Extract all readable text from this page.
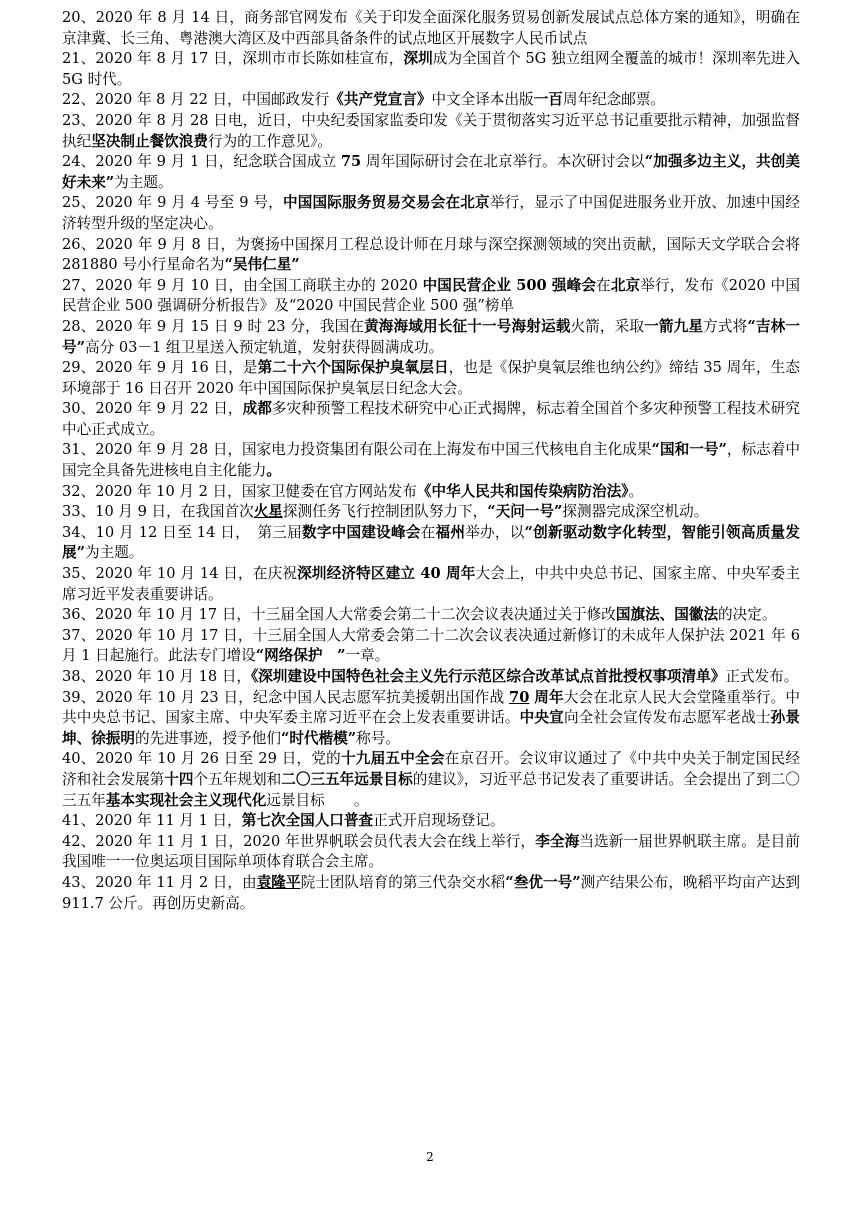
20、2020 年 8 月 14 日，商务部官网发布《关于印发全面深化服务贸易创新发展试点总体方案的通知》，明确在京津冀、长三角、粤港澳大湾区及中西部具备条件的试点地区开展数字人民币试点

21、2020 年 8 月 17 日，深圳市市长陈如桂宣布，深圳成为全国首个 5G 独立组网全覆盖的城市！深圳率先进入 5G 时代。

22、2020 年 8 月 22 日，中国邮政发行《共产党宣言》中文全译本出版一百周年纪念邮票。

23、2020 年 8 月 28 日电，近日，中央纪委国家监委印发《关于贯彻落实习近平总书记重要批示精神，加强监督执纪坚决制止餐饮浪费行为的工作意见》。

24、2020 年 9 月 1 日，纪念联合国成立 75 周年国际研讨会在北京举行。本次研讨会以“加强多边主义，共创美好未来”为主题。

25、2020 年 9 月 4 号至 9 号，中国国际服务贸易交易会在北京举行，显示了中国促进服务业开放、加速中国经济转型升级的坚定决心。

26、2020 年 9 月 8 日，为褒扬中国探月工程总设计师在月球与深空探测领域的突出贡献，国际天文学联合会将 281880 号小行星命名为“吴伟仁星”

27、2020 年 9 月 10 日，由全国工商联主办的 2020 中国民营企业 500 强峰会在北京举行，发布《2020 中国民营企业 500 强调研分析报告》及“2020 中国民营企业 500 强”榜单

28、2020 年 9 月 15 日 9 时 23 分，我国在黄海海域用长征十一号海射运载火箭，采取一箭九星方式将“吉林一号”高分 03－1 组卫星送入预定轨道，发射获得圆满成功。

29、2020 年 9 月 16 日，是第二十六个国际保护臭氧层日，也是《保护臭氧层维也纳公约》缔结 35 周年，生态环境部于 16 日召开 2020 年中国国际保护臭氧层日纪念大会。

30、2020 年 9 月 22 日，成都多灾种预警工程技术研究中心正式揭牌，标志着全国首个多灾种预警工程技术研究中心正式成立。

31、2020 年 9 月 28 日，国家电力投资集团有限公司在上海发布中国三代核电自主化成果“国和一号”，标志着中国完全具备先进核电自主化能力。

32、2020 年 10 月 2 日，国家卫健委在官方网站发布《中华人民共和国传染病防治法》。

33、10 月 9 日，在我国首次火星探测任务飞行控制团队努力下，“天问一号”探测器完成深空机动。

34、10 月 12 日至 14 日，　第三届数字中国建设峰会在福州举办，以“创新驱动数字化转型，智能引领高质量发展”为主题。

35、2020 年 10 月 14 日，在庆祝深圳经济特区建立 40 周年大会上，中共中央总书记、国家主席、中央军委主席习近平发表重要讲话。

36、2020 年 10 月 17 日，十三届全国人大常委会第二十二次会议表决通过关于修改国旗法、国徽法的决定。

37、2020 年 10 月 17 日，十三届全国人大常委会第二十二次会议表决通过新修订的未成年人保护法 2021 年 6 月 1 日起施行。此法专门增设“网络保护　”一章。

38、2020 年 10 月 18 日，《深圳建设中国特色社会主义先行示范区综合改革试点首批授权事项清单》正式发布。

39、2020 年 10 月 23 日，纪念中国人民志愿军抗美援朝出国作战 70 周年大会在北京人民大会堂隆重举行。中共中央总书记、国家主席、中央军委主席习近平在会上发表重要讲话。中央宣向全社会宣传发布志愿军老战士孙景坤、徐振明的先进事迹，授予他们“时代楷模”称号。

40、2020 年 10 月 26 日至 29 日，党的十九届五中全会在京召开。会议审议通过了《中共中央关于制定国民经济和社会发展第十四个五年规划和二〇三五年远景目标的建议》，习近平总书记发表了重要讲话。全会提出了到二〇三五年基本实现社会主义现代化远景目标　　。

41、2020 年 11 月 1 日，第七次全国人口普查正式开启现场登记。

42、2020 年 11 月 1 日，2020 年世界帆联会员代表大会在线上举行，李全海当选新一届世界帆联主席。是目前我国唯一一位奥运项目国际单项体育联合会主席。

43、2020 年 11 月 2 日，由袁隆平院士团队培育的第三代杂交水稻“叁优一号”测产结果公布，晚稻平均亩产达到 911.7 公斤。再创历史新高。

2
